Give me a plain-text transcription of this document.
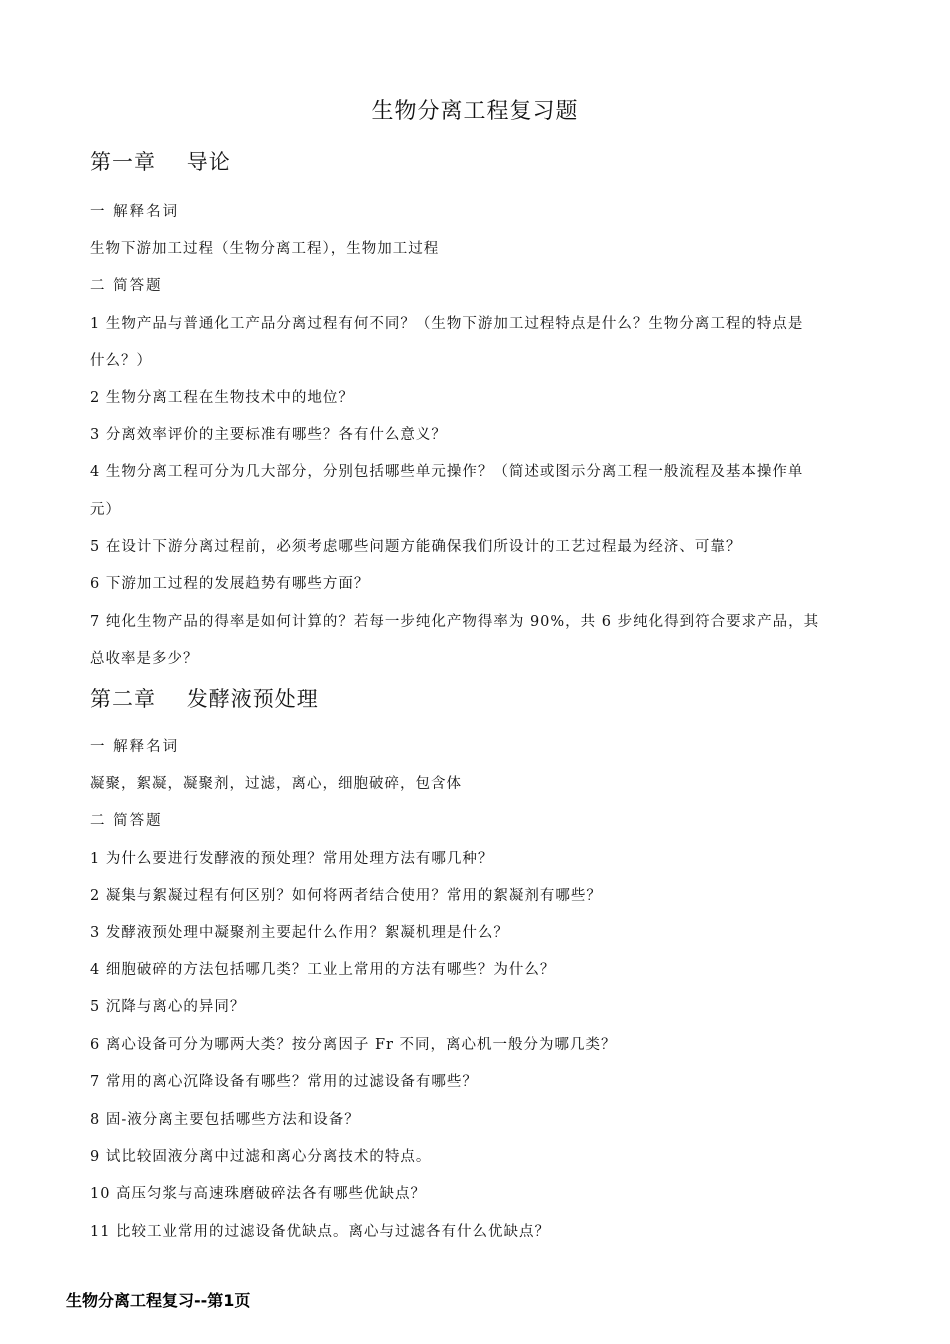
生物分离工程复习题
第一章    导论
一 解释名词
生物下游加工过程（生物分离工程），生物加工过程
二 简答题
1 生物产品与普通化工产品分离过程有何不同？（生物下游加工过程特点是什么？生物分离工程的特点是
什么？）
2 生物分离工程在生物技术中的地位？
3 分离效率评价的主要标准有哪些？各有什么意义？
4 生物分离工程可分为几大部分，分别包括哪些单元操作？（简述或图示分离工程一般流程及基本操作单
元）
5 在设计下游分离过程前，必须考虑哪些问题方能确保我们所设计的工艺过程最为经济、可靠？
6 下游加工过程的发展趋势有哪些方面？
7 纯化生物产品的得率是如何计算的？若每一步纯化产物得率为 90%，共 6 步纯化得到符合要求产品，其
总收率是多少？
第二章    发酵液预处理
一 解释名词
凝聚，絮凝，凝聚剂，过滤，离心，细胞破碎，包含体
二 简答题
1 为什么要进行发酵液的预处理？常用处理方法有哪几种？
2 凝集与絮凝过程有何区别？如何将两者结合使用？常用的絮凝剂有哪些？
3 发酵液预处理中凝聚剂主要起什么作用？絮凝机理是什么？
4 细胞破碎的方法包括哪几类？工业上常用的方法有哪些？为什么？
5 沉降与离心的异同？
6 离心设备可分为哪两大类？按分离因子 Fr 不同，离心机一般分为哪几类？
7 常用的离心沉降设备有哪些？常用的过滤设备有哪些？
8 固-液分离主要包括哪些方法和设备？
9 试比较固液分离中过滤和离心分离技术的特点。
10 高压匀浆与高速珠磨破碎法各有哪些优缺点？
11 比较工业常用的过滤设备优缺点。离心与过滤各有什么优缺点？
生物分离工程复习--第1页
